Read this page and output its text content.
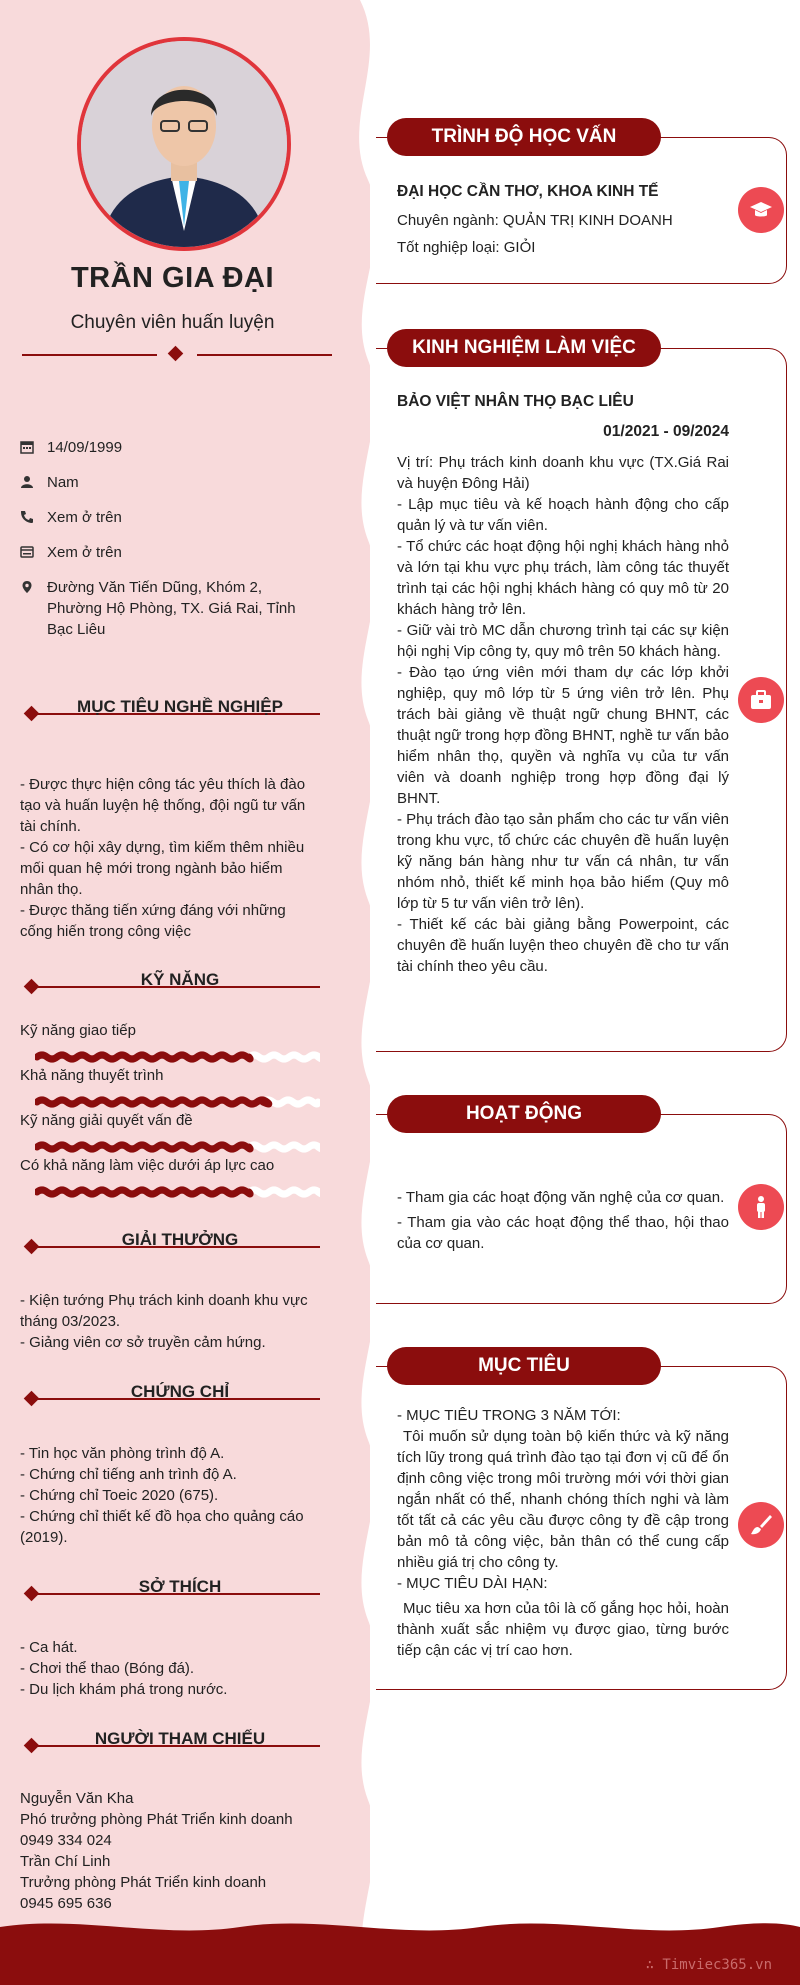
TRẦN GIA ĐẠI
Chuyên viên huấn luyện
14/09/1999
Nam
Xem ở trên
Xem ở trên
Đường Văn Tiến Dũng, Khóm 2, Phường Hộ Phòng, TX. Giá Rai, Tỉnh Bạc Liêu
MỤC TIÊU NGHỀ NGHIỆP
- Được thực hiện công tác yêu thích là đào tạo và huấn luyện hệ thống, đội ngũ tư vấn tài chính.
- Có cơ hội xây dựng, tìm kiếm thêm nhiều mối quan hệ mới trong ngành bảo hiểm nhân thọ.
- Được thăng tiến xứng đáng với những cống hiến trong công việc
KỸ NĂNG
Kỹ năng giao tiếp
Khả năng thuyết trình
Kỹ năng giải quyết vấn đề
Có khả năng làm việc dưới áp lực cao
GIẢI THƯỞNG
- Kiện tướng Phụ trách kinh doanh khu vực tháng 03/2023.
- Giảng viên cơ sở truyền cảm hứng.
CHỨNG CHỈ
- Tin học văn phòng trình độ A.
- Chứng chỉ tiếng anh trình độ A.
- Chứng chỉ Toeic 2020 (675).
- Chứng chỉ thiết kế đồ họa cho quảng cáo (2019).
SỞ THÍCH
- Ca hát.
- Chơi thể thao (Bóng đá).
- Du lịch khám phá trong nước.
NGƯỜI THAM CHIẾU
Nguyễn Văn Kha
Phó trưởng phòng Phát Triển kinh doanh
0949 334 024
Trần Chí Linh
Trưởng phòng Phát Triển kinh doanh
0945 695 636
TRÌNH ĐỘ HỌC VẤN
ĐẠI HỌC CẦN THƠ, KHOA KINH TẾ
Chuyên ngành: QUẢN TRỊ KINH DOANH
Tốt nghiệp loại: GIỎI
KINH NGHIỆM LÀM VIỆC
BẢO VIỆT NHÂN THỌ BẠC LIÊU
01/2021 - 09/2024
Vị trí: Phụ trách kinh doanh khu vực (TX.Giá Rai và huyện Đông Hải)
- Lập mục tiêu và kế hoạch hành động cho cấp quản lý và tư vấn viên.
- Tổ chức các hoạt động hội nghị khách hàng nhỏ và lớn tại khu vực phụ trách, làm công tác thuyết trình tại các hội nghị khách hàng có quy mô từ 20 khách hàng trở lên.
- Giữ vài trò MC dẫn chương trình tại các sự kiện hội nghị Vip công ty, quy mô trên 50 khách hàng.
- Đào tạo ứng viên mới tham dự các lớp khởi nghiệp, quy mô lớp từ 5 ứng viên trở lên. Phụ trách bài giảng về thuật ngữ chung BHNT, các thuật ngữ trong hợp đồng BHNT, nghề tư vấn bảo hiểm nhân thọ, quyền và nghĩa vụ của tư vấn viên và doanh nghiệp trong hợp đồng đại lý BHNT.
- Phụ trách đào tạo sản phẩm cho các tư vấn viên trong khu vực, tổ chức các chuyên đề huấn luyện kỹ năng bán hàng như tư vấn cá nhân, tư vấn nhóm nhỏ, thiết kế minh họa bảo hiểm (Quy mô lớp từ 5 tư vấn viên trở lên).
- Thiết kế các bài giảng bằng Powerpoint, các chuyên đề huấn luyện theo chuyên đề cho tư vấn tài chính theo yêu cầu.
HOẠT ĐỘNG
- Tham gia các hoạt động văn nghệ của cơ quan.
- Tham gia vào các hoạt động thể thao, hội thao của cơ quan.
MỤC TIÊU
- MỤC TIÊU TRONG 3 NĂM TỚI:
Tôi muốn sử dụng toàn bộ kiến thức và kỹ năng tích lũy trong quá trình đào tạo tại đơn vị cũ để ổn định công việc trong môi trường mới với thời gian ngắn nhất có thể, nhanh chóng thích nghi và làm tốt tất cả các yêu cầu được công ty đề cập trong bản mô tả công việc, bản thân có thể cung cấp nhiều giá trị cho công ty.
- MỤC TIÊU DÀI HẠN:
Mục tiêu xa hơn của tôi là cố gắng học hỏi, hoàn thành xuất sắc nhiệm vụ được giao, từng bước tiếp cận các vị trí cao hơn.
∴ Timviec365.vn
